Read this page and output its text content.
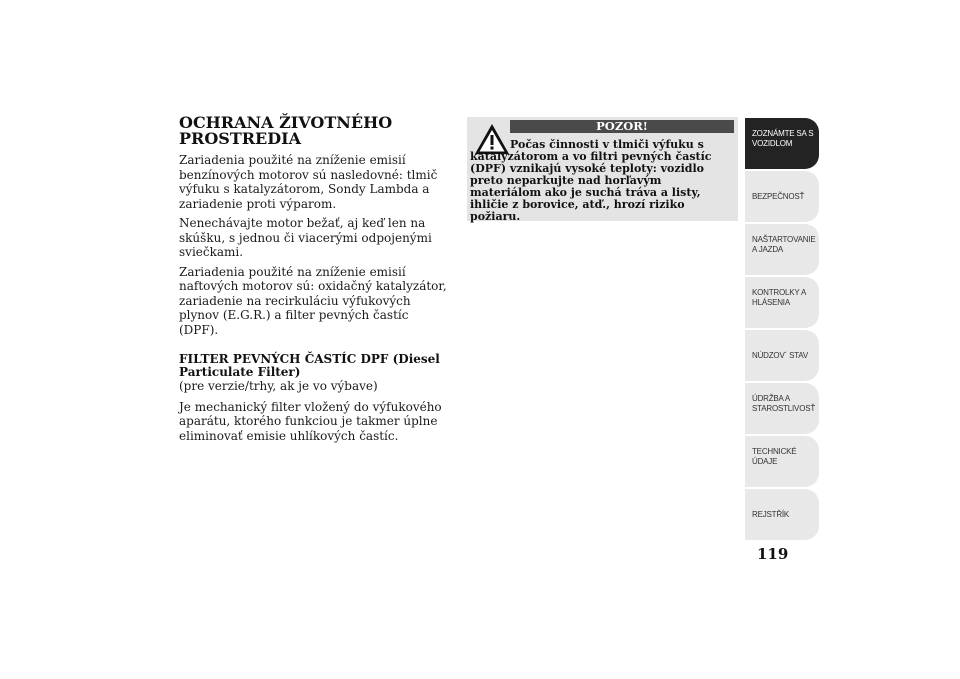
OCHRANA ŽIVOTNÉHO PROSTREDIA

Zariadenia použité na zníženie emisií benzínových motorov sú nasledovné: tlmič výfuku s katalyzátorom, Sondy Lambda a zariadenie proti výparom.

Nenechávajte motor bežať, aj keď len na skúšku, s jednou či viacerými odpojenými sviečkami.

Zariadenia použité na zníženie emisií naftových motorov sú: oxidačný katalyzátor, zariadenie na recirkuláciu výfukových plynov (E.G.R.) a filter pevných častíc (DPF).

FILTER PEVNÝCH ČASTÍC DPF (Diesel Particulate Filter)
(pre verzie/trhy, ak je vo výbave)

Je mechanický filter vložený do výfukového aparátu, ktorého funkciou je takmer úplne eliminovať emisie uhlíkových častíc.

POZOR!
Počas činnosti v tlmiči výfuku s katalyzátorom a vo filtri pevných častíc (DPF) vznikajú vysoké teploty: vozidlo preto neparkujte nad horľavým materiálom ako je suchá tráva a listy, ihličie z borovice, atď., hrozí riziko požiaru.
ZOZNÁMTE SA S
VOZIDLOM
BEZPEČNOSŤ
NAŠTARTOVANIE
A JAZDA
KONTROLKY A
HLÁSENIA
NÚDZOV´ STAV
ÚDRŽBA A
STAROSTLIVOSŤ
TECHNICKÉ
ÚDAJE
REJSTŘÍK
119
